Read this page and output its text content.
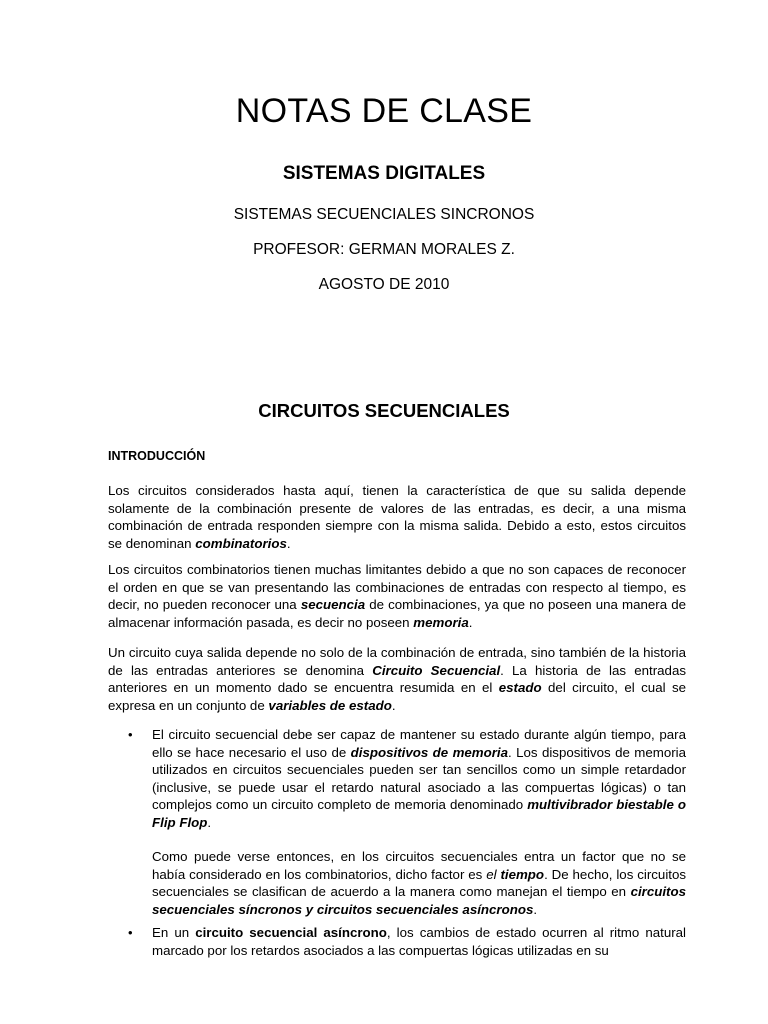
NOTAS DE CLASE
SISTEMAS DIGITALES
SISTEMAS SECUENCIALES SINCRONOS
PROFESOR: GERMAN MORALES Z.
AGOSTO DE 2010
CIRCUITOS SECUENCIALES
INTRODUCCIÓN

Los circuitos considerados hasta aquí, tienen la característica de que su salida depende solamente de la combinación presente de valores de las entradas, es decir, a una misma combinación de entrada responden siempre con la misma salida. Debido a esto, estos circuitos se denominan combinatorios.

Los circuitos combinatorios tienen muchas limitantes debido a que no son capaces de reconocer el orden en que se van presentando las combinaciones de entradas con respecto al tiempo, es decir, no pueden reconocer una secuencia de combinaciones, ya que no poseen una manera de almacenar información pasada, es decir no poseen memoria.

Un circuito cuya salida depende no solo de la combinación de entrada, sino también de la historia de las entradas anteriores se denomina Circuito Secuencial. La historia de las entradas anteriores en un momento dado se encuentra resumida en el estado del circuito, el cual se expresa en un conjunto de variables de estado.

• El circuito secuencial debe ser capaz de mantener su estado durante algún tiempo, para ello se hace necesario el uso de dispositivos de memoria. Los dispositivos de memoria utilizados en circuitos secuenciales pueden ser tan sencillos como un simple retardador (inclusive, se puede usar el retardo natural asociado a las compuertas lógicas) o tan complejos como un circuito completo de memoria denominado multivibrador biestable o Flip Flop.

Como puede verse entonces, en los circuitos secuenciales entra un factor que no se había considerado en los combinatorios, dicho factor es el tiempo. De hecho, los circuitos secuenciales se clasifican de acuerdo a la manera como manejan el tiempo en circuitos secuenciales síncronos y circuitos secuenciales asíncronos.

• En un circuito secuencial asíncrono, los cambios de estado ocurren al ritmo natural marcado por los retardos asociados a las compuertas lógicas utilizadas en su
